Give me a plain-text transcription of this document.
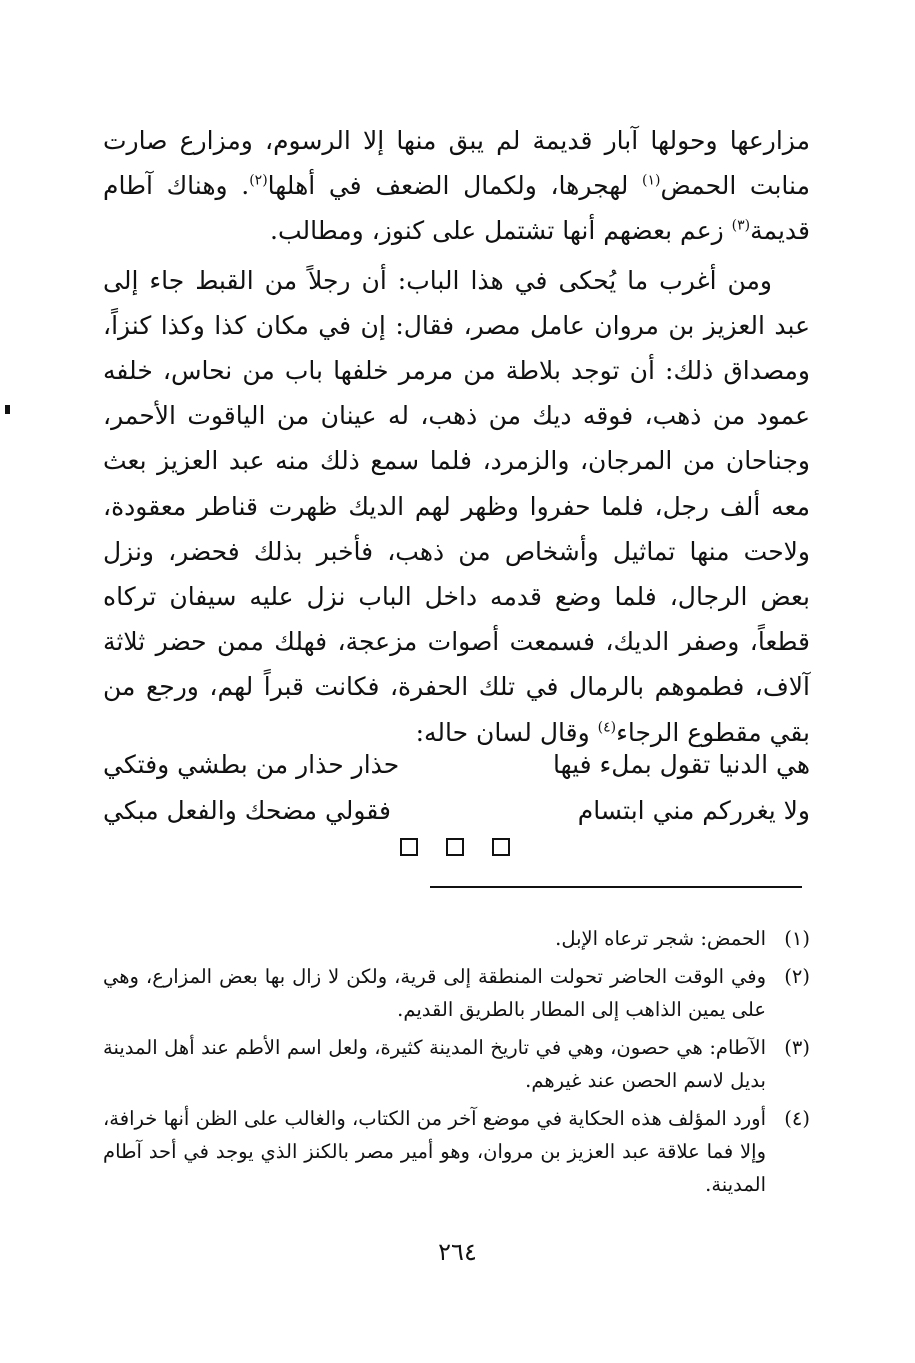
مزارعها وحولها آبار قديمة لم يبق منها إلا الرسوم، ومزارع صارت منابت الحمض$^{(١)}$ لهجرها، ولكمال الضعف في أهلها$^{(٢)}$. وهناك آطام قديمة$^{(٣)}$ زعم بعضهم أنها تشتمل على كنوز، ومطالب.

ومن أغرب ما يُحكى في هذا الباب: أن رجلاً من القبط جاء إلى عبد العزيز بن مروان عامل مصر، فقال: إن في مكان كذا وكذا كنزاً، ومصداق ذلك: أن توجد بلاطة من مرمر خلفها باب من نحاس، خلفه عمود من ذهب، فوقه ديك من ذهب، له عينان من الياقوت الأحمر، وجناحان من المرجان، والزمرد، فلما سمع ذلك منه عبد العزيز بعث معه ألف رجل، فلما حفروا وظهر لهم الديك ظهرت قناطر معقودة، ولاحت منها تماثيل وأشخاص من ذهب، فأخبر بذلك فحضر، ونزل بعض الرجال، فلما وضع قدمه داخل الباب نزل عليه سيفان تركاه قطعاً، وصفر الديك، فسمعت أصوات مزعجة، فهلك ممن حضر ثلاثة آلاف، فطموهم بالرمال في تلك الحفرة، فكانت قبراً لهم، ورجع من بقي مقطوع الرجاء$^{(٤)}$ وقال لسان حاله:

هي الدنيا تقول بملء فيها
حذار حذار من بطشي وفتكي
ولا يغرركم مني ابتسام
فقولي مضحك والفعل مبكي
(١)
الحمض: شجر ترعاه الإبل.
(٢)
وفي الوقت الحاضر تحولت المنطقة إلى قرية، ولكن لا زال بها بعض المزارع، وهي على يمين الذاهب إلى المطار بالطريق القديم.
(٣)
الآطام: هي حصون، وهي في تاريخ المدينة كثيرة، ولعل اسم الأطم عند أهل المدينة بديل لاسم الحصن عند غيرهم.
(٤)
أورد المؤلف هذه الحكاية في موضع آخر من الكتاب، والغالب على الظن أنها خرافة، وإلا فما علاقة عبد العزيز بن مروان، وهو أمير مصر بالكنز الذي يوجد في أحد آطام المدينة.
٢٦٤
